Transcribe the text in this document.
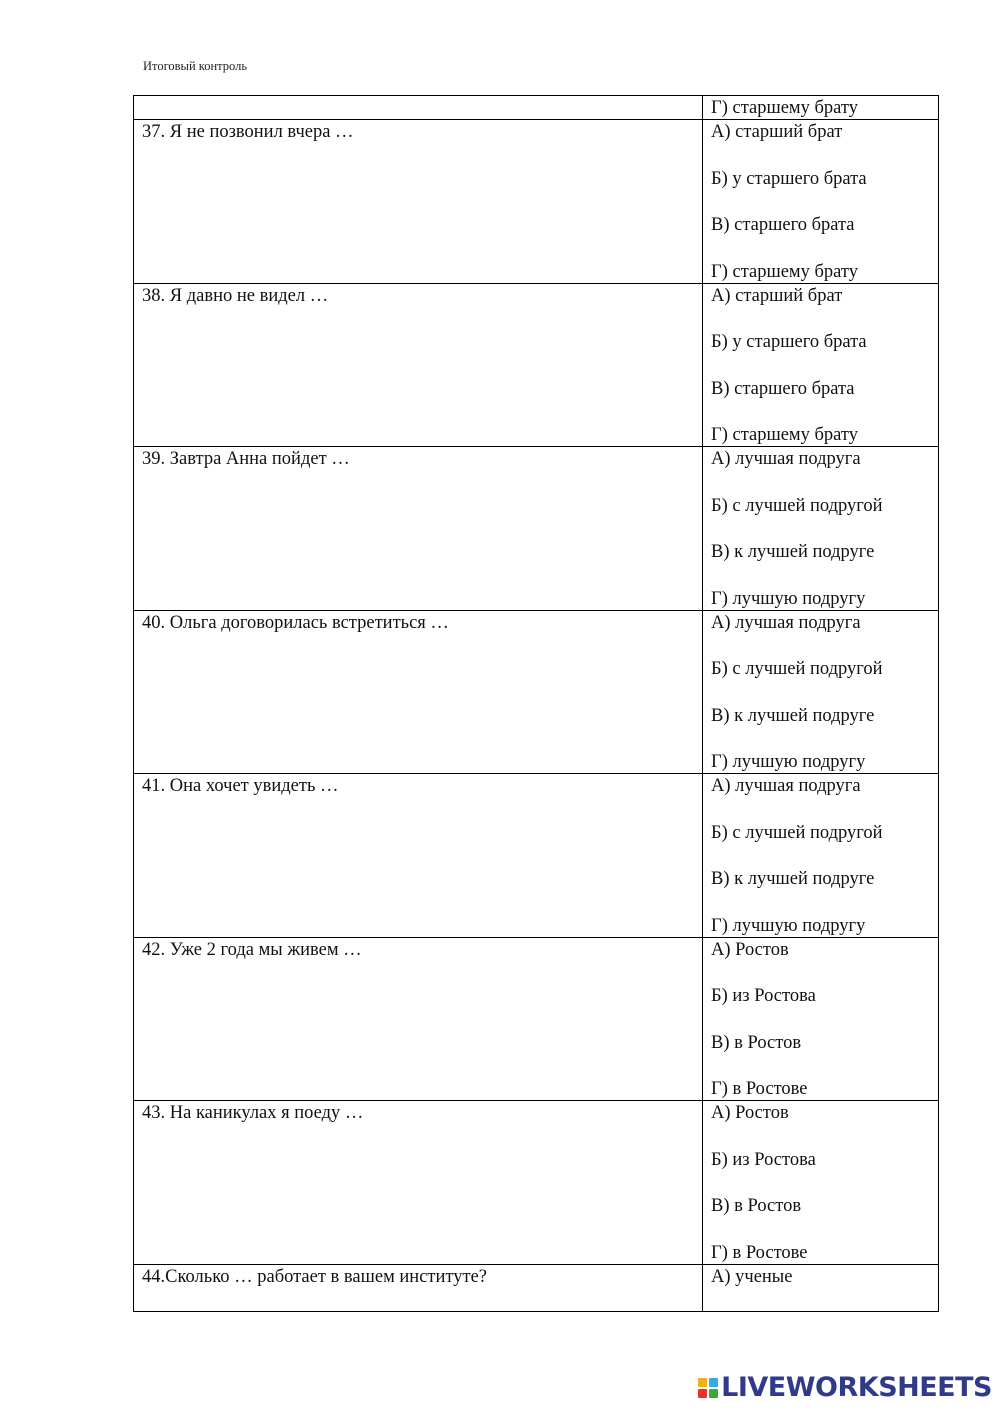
Итоговый контроль

	Г) старшему брату

37. Я не позвонил вчера …	А) старший брат

Б) у старшего брата

В) старшего брата

Г) старшему брату

38. Я давно не видел …	А) старший брат

Б) у старшего брата

В) старшего брата

Г) старшему брату

39. Завтра Анна пойдет …	А) лучшая подруга

Б) с лучшей подругой

В) к лучшей подруге

Г) лучшую подругу

40. Ольга договорилась встретиться …	А) лучшая подруга

Б) с лучшей подругой

В) к лучшей подруге

Г) лучшую подругу

41. Она хочет увидеть …	А) лучшая подруга

Б) с лучшей подругой

В) к лучшей подруге

Г) лучшую подругу

42. Уже 2 года мы живем …	А) Ростов

Б) из Ростова

В) в Ростов

Г) в Ростове

43. На каникулах я поеду …	А) Ростов

Б) из Ростова

В) в Ростов

Г) в Ростове

44.Сколько … работает в вашем институте?	А) ученые

LIVEWORKSHEETS
